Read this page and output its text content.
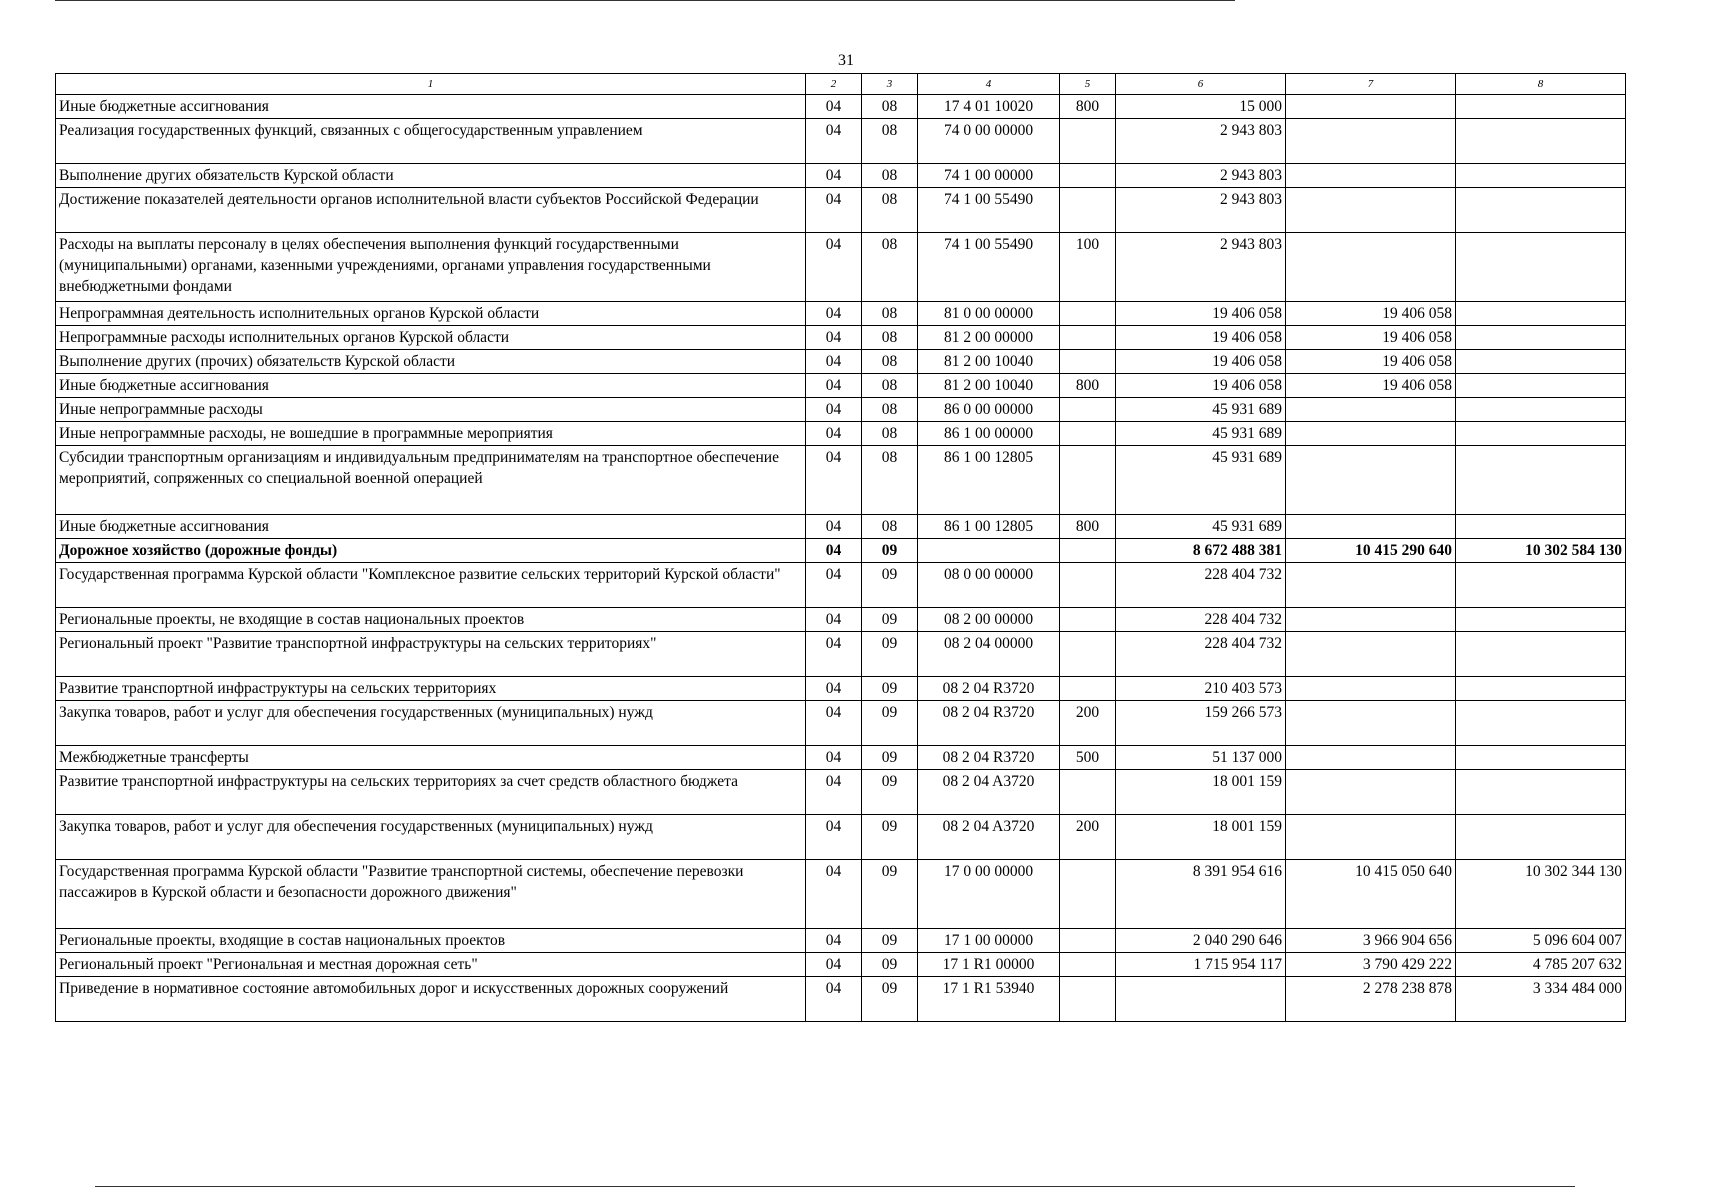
31
1	2	3	4	5	6	7	8
Иные бюджетные ассигнования	04	08	17 4 01 10020	800	15 000		
Реализация государственных функций, связанных с общегосударственным управлением	04	08	74 0 00 00000		2 943 803		
Выполнение других обязательств Курской области	04	08	74 1 00 00000		2 943 803		
Достижение показателей деятельности органов исполнительной власти субъектов Российской Федерации	04	08	74 1 00 55490		2 943 803		
Расходы на выплаты персоналу в целях обеспечения выполнения функций государственными (муниципальными) органами, казенными учреждениями, органами управления государственными внебюджетными фондами	04	08	74 1 00 55490	100	2 943 803		
Непрограммная деятельность исполнительных органов Курской области	04	08	81 0 00 00000		19 406 058	19 406 058	
Непрограммные расходы исполнительных органов Курской области	04	08	81 2 00 00000		19 406 058	19 406 058	
Выполнение других (прочих) обязательств Курской области	04	08	81 2 00 10040		19 406 058	19 406 058	
Иные бюджетные ассигнования	04	08	81 2 00 10040	800	19 406 058	19 406 058	
Иные непрограммные расходы	04	08	86 0 00 00000		45 931 689		
Иные непрограммные расходы, не вошедшие в программные мероприятия	04	08	86 1 00 00000		45 931 689		
Субсидии транспортным организациям и индивидуальным предпринимателям на транспортное обеспечение мероприятий, сопряженных со специальной военной операцией	04	08	86 1 00 12805		45 931 689		
Иные бюджетные ассигнования	04	08	86 1 00 12805	800	45 931 689		
Дорожное хозяйство (дорожные фонды)	04	09			8 672 488 381	10 415 290 640	10 302 584 130
Государственная программа Курской области "Комплексное развитие сельских территорий Курской области"	04	09	08 0 00 00000		228 404 732		
Региональные проекты, не входящие в состав национальных проектов	04	09	08 2 00 00000		228 404 732		
Региональный проект "Развитие транспортной инфраструктуры на сельских территориях"	04	09	08 2 04 00000		228 404 732		
Развитие транспортной инфраструктуры на сельских территориях	04	09	08 2 04 R3720		210 403 573		
Закупка товаров, работ и услуг для обеспечения государственных (муниципальных) нужд	04	09	08 2 04 R3720	200	159 266 573		
Межбюджетные трансферты	04	09	08 2 04 R3720	500	51 137 000		
Развитие транспортной инфраструктуры на сельских территориях за счет средств областного бюджета	04	09	08 2 04 A3720		18 001 159		
Закупка товаров, работ и услуг для обеспечения государственных (муниципальных) нужд	04	09	08 2 04 A3720	200	18 001 159		
Государственная программа Курской области "Развитие транспортной системы, обеспечение перевозки пассажиров в Курской области и безопасности дорожного движения"	04	09	17 0 00 00000		8 391 954 616	10 415 050 640	10 302 344 130
Региональные проекты, входящие в состав национальных проектов	04	09	17 1 00 00000		2 040 290 646	3 966 904 656	5 096 604 007
Региональный проект "Региональная и местная дорожная сеть"	04	09	17 1 R1 00000		1 715 954 117	3 790 429 222	4 785 207 632
Приведение в нормативное состояние автомобильных дорог и искусственных дорожных сооружений	04	09	17 1 R1 53940			2 278 238 878	3 334 484 000
